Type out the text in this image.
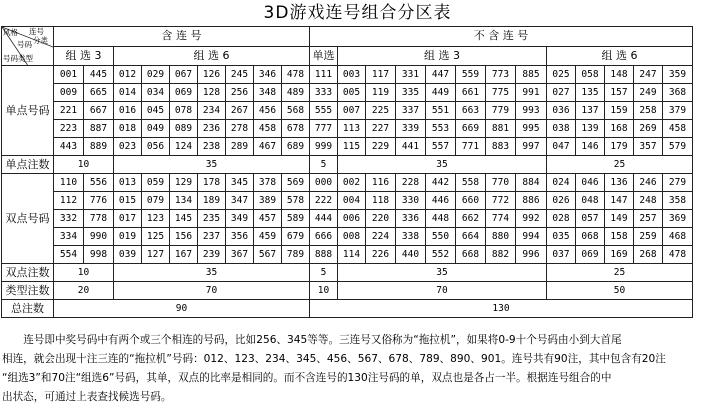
3D游戏连号组合分区表
风格 连号
分类
号码
号码类型	含 连 号									不 含 连 号												
	组 选 3		组 选 6							单选	组 选 3							组 选 6				
单点号码	001	445	012	029	067	126	245	346	478	111	003	117	331	447	559	773	885	025	058	148	247	359
	009	665	014	034	069	128	256	348	489	333	005	119	335	449	661	775	991	027	135	157	249	368
	221	667	016	045	078	234	267	456	568	555	007	225	337	551	663	779	993	036	137	159	258	379
	223	887	018	049	089	236	278	458	678	777	113	227	339	553	669	881	995	038	139	168	269	458
	443	889	023	056	124	238	289	467	689	999	115	229	441	557	771	883	997	047	146	179	357	579
单点注数	10		35							5	35							25				
双点号码	110	556	013	059	129	178	345	378	569	000	002	116	228	442	558	770	884	024	046	136	246	279
	112	776	015	079	134	189	347	389	578	222	004	118	330	446	660	772	886	026	048	147	248	358
	332	778	017	123	145	235	349	457	589	444	006	220	336	448	662	774	992	028	057	149	257	369
	334	990	019	125	156	237	356	459	679	666	008	224	338	550	664	880	994	035	068	158	259	468
	554	998	039	127	167	239	367	567	789	888	114	226	440	552	668	882	996	037	069	169	268	478
双点注数	10		35							5	35							25				
类型注数	20		70							10	70							50				
总注数	90									130												
连号即中奖号码中有两个或三个相连的号码，比如256、345等等。三连号又俗称为“拖拉机”，如果将0-9十个号码由小到大首尾
相连，就会出现十注三连的“拖拉机”号码：012、123、234、345、456、567、678、789、890、901。连号共有90注，其中包含有20注
“组选3”和70注“组选6”号码，其单，双点的比率是相同的。而不含连号的130注号码的单，双点也是各占一半。根据连号组合的中
出状态，可通过上表查找候选号码。
